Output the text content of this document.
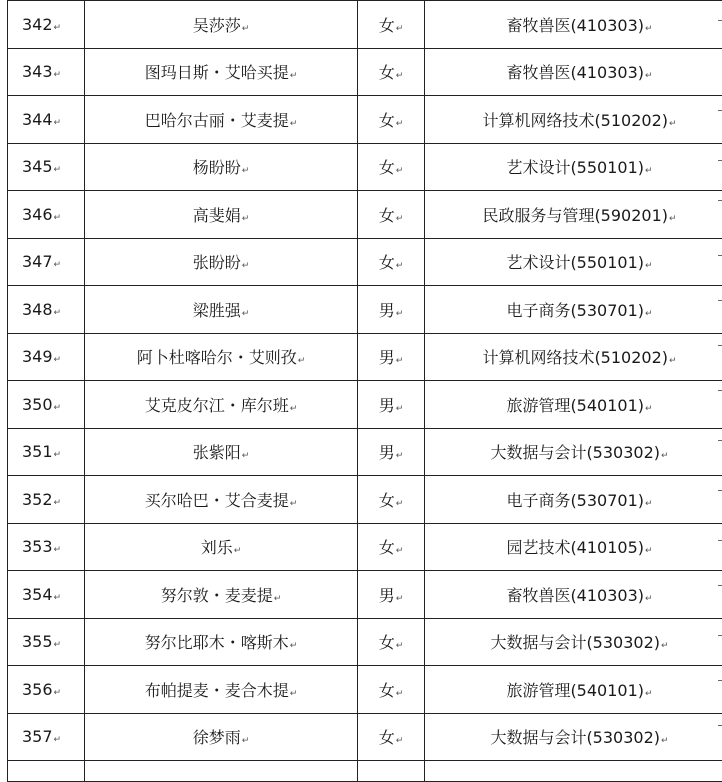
342↵	吴莎莎↵	女↵	畜牧兽医(410303)↵
343↵	图玛日斯・艾哈买提↵	女↵	畜牧兽医(410303)↵
344↵	巴哈尔古丽・艾麦提↵	女↵	计算机网络技术(510202)↵
345↵	杨盼盼↵	女↵	艺术设计(550101)↵
346↵	高斐娟↵	女↵	民政服务与管理(590201)↵
347↵	张盼盼↵	女↵	艺术设计(550101)↵
348↵	梁胜强↵	男↵	电子商务(530701)↵
349↵	阿卜杜喀哈尔・艾则孜↵	男↵	计算机网络技术(510202)↵
350↵	艾克皮尔江・库尔班↵	男↵	旅游管理(540101)↵
351↵	张紫阳↵	男↵	大数据与会计(530302)↵
352↵	买尔哈巴・艾合麦提↵	女↵	电子商务(530701)↵
353↵	刘乐↵	女↵	园艺技术(410105)↵
354↵	努尔敦・麦麦提↵	男↵	畜牧兽医(410303)↵
355↵	努尔比耶木・喀斯木↵	女↵	大数据与会计(530302)↵
356↵	布帕提麦・麦合木提↵	女↵	旅游管理(540101)↵
357↵	徐梦雨↵	女↵	大数据与会计(530302)↵
